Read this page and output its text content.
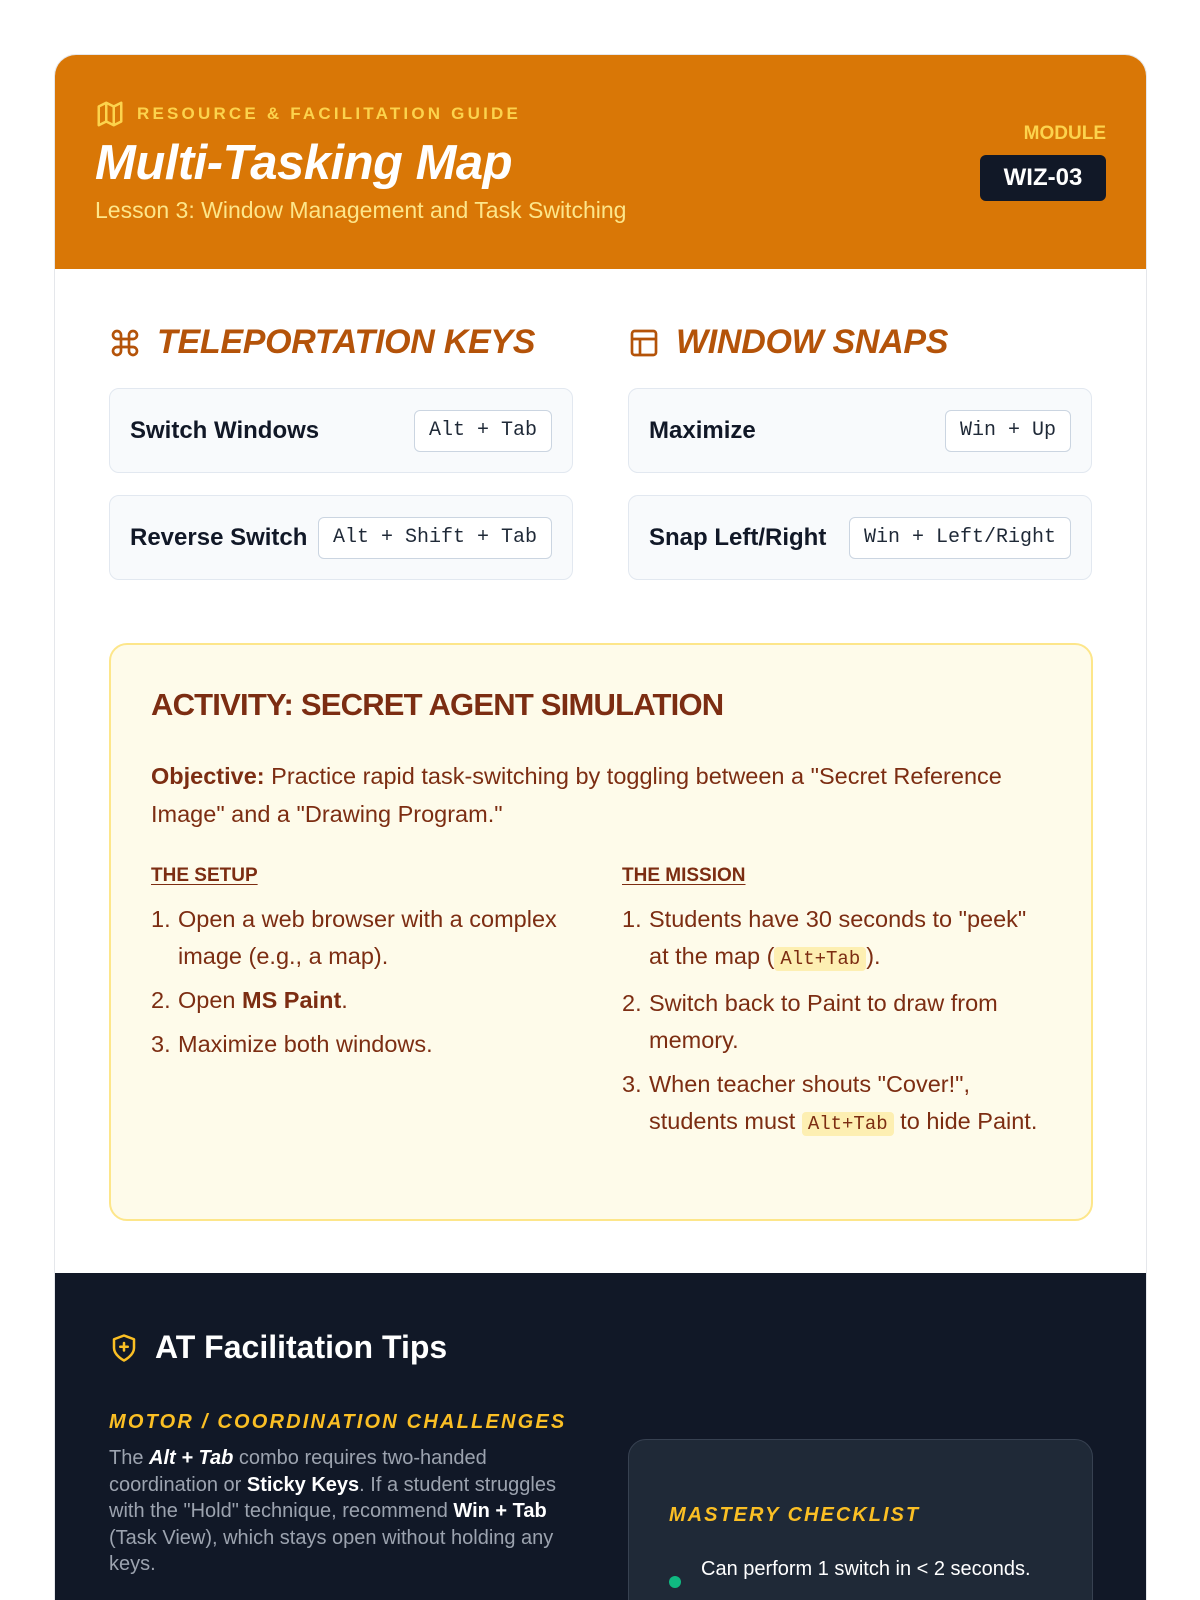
RESOURCE & FACILITATION GUIDE
Multi-Tasking Map
Lesson 3: Window Management and Task Switching
MODULE
WIZ-03
TELEPORTATION KEYS
Switch Windows	Alt + Tab
Reverse Switch	Alt + Shift + Tab
WINDOW SNAPS
Maximize	Win + Up
Snap Left/Right	Win + Left/Right
ACTIVITY: SECRET AGENT SIMULATION

Objective: Practice rapid task-switching by toggling between a "Secret Reference Image" and a "Drawing Program."

THE SETUP
1. Open a web browser with a complex image (e.g., a map).
2. Open MS Paint.
3. Maximize both windows.
THE MISSION
1. Students have 30 seconds to "peek" at the map ( Alt+Tab ).
2. Switch back to Paint to draw from memory.
3. When teacher shouts "Cover!", students must Alt+Tab to hide Paint.
AT Facilitation Tips
MOTOR / COORDINATION CHALLENGES

The Alt + Tab combo requires two-handed coordination or Sticky Keys. If a student struggles with the "Hold" technique, recommend Win + Tab (Task View), which stays open without holding any keys.

MASTERY CHECKLIST
Can perform 1 switch in < 2 seconds.
